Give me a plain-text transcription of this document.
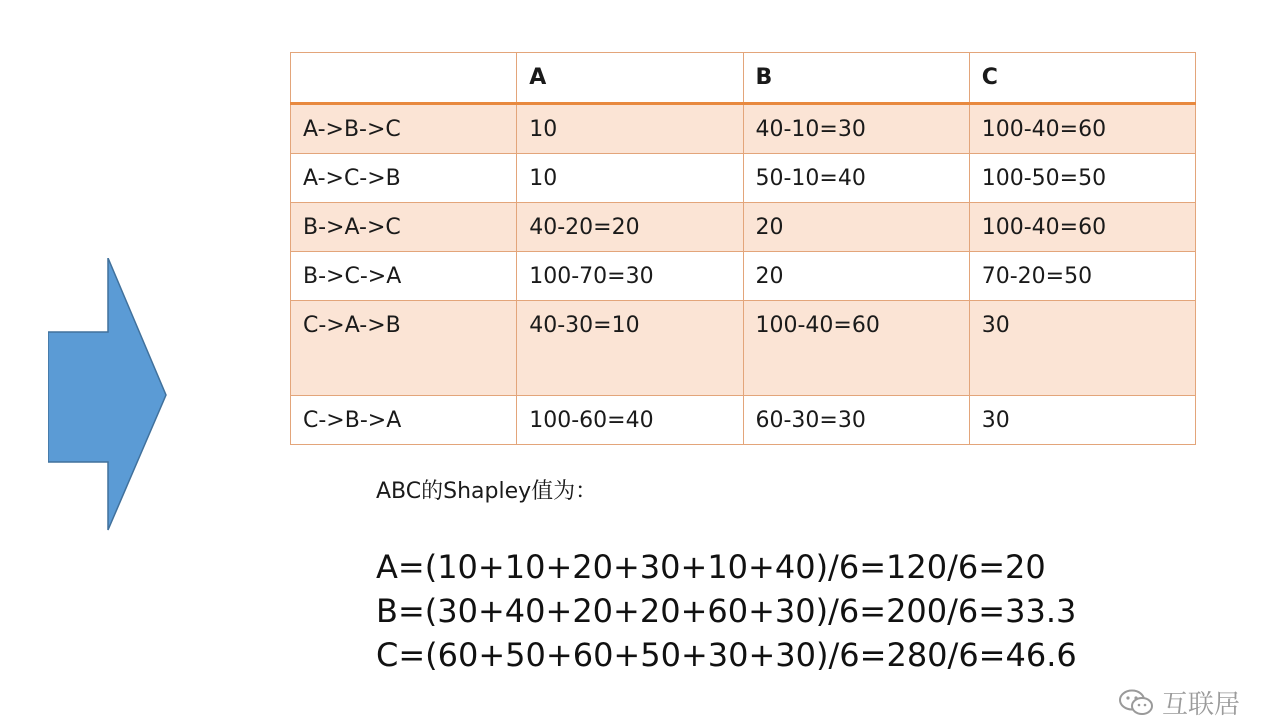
	A	B	C
A->B->C	10	40-10=30	100-40=60
A->C->B	10	50-10=40	100-50=50
B->A->C	40-20=20	20	100-40=60
B->C->A	100-70=30	20	70-20=50
C->A->B	40-30=10	100-40=60	30
C->B->A	100-60=40	60-30=30	30
ABC的Shapley值为：
A=(10+10+20+30+10+40)/6=120/6=20
B=(30+40+20+20+60+30)/6=200/6=33.3
C=(60+50+60+50+30+30)/6=280/6=46.6
互联居
